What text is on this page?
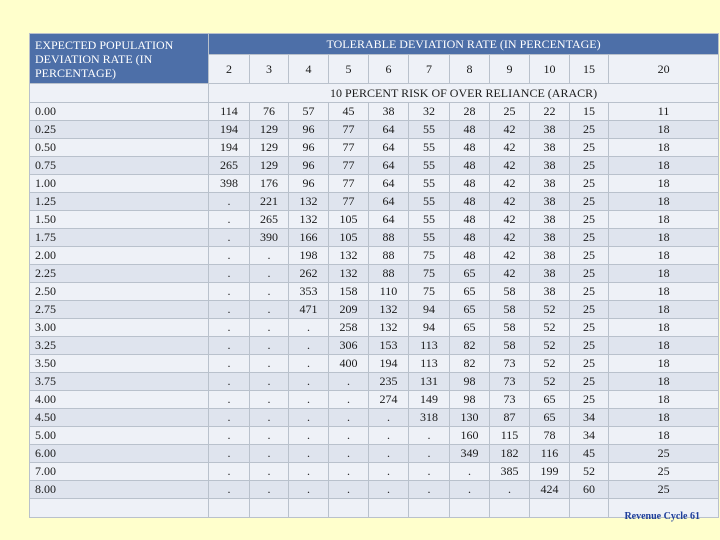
EXPECTED POPULATION DEVIATION RATE (IN PERCENTAGE)	TOLERABLE DEVIATION RATE (IN PERCENTAGE)										
	2	3	4	5	6	7	8	9	10	15	20
	10 PERCENT RISK OF OVER RELIANCE (ARACR)										
0.00	114	76	57	45	38	32	28	25	22	15	11
0.25	194	129	96	77	64	55	48	42	38	25	18
0.50	194	129	96	77	64	55	48	42	38	25	18
0.75	265	129	96	77	64	55	48	42	38	25	18
1.00	398	176	96	77	64	55	48	42	38	25	18
1.25	.	221	132	77	64	55	48	42	38	25	18
1.50	.	265	132	105	64	55	48	42	38	25	18
1.75	.	390	166	105	88	55	48	42	38	25	18
2.00	.	.	198	132	88	75	48	42	38	25	18
2.25	.	.	262	132	88	75	65	42	38	25	18
2.50	.	.	353	158	110	75	65	58	38	25	18
2.75	.	.	471	209	132	94	65	58	52	25	18
3.00	.	.	.	258	132	94	65	58	52	25	18
3.25	.	.	.	306	153	113	82	58	52	25	18
3.50	.	.	.	400	194	113	82	73	52	25	18
3.75	.	.	.	.	235	131	98	73	52	25	18
4.00	.	.	.	.	274	149	98	73	65	25	18
4.50	.	.	.	.	.	318	130	87	65	34	18
5.00	.	.	.	.	.	.	160	115	78	34	18
6.00	.	.	.	.	.	.	349	182	116	45	25
7.00	.	.	.	.	.	.	.	385	199	52	25
8.00	.	.	.	.	.	.	.	.	424	60	25

Revenue Cycle 61
